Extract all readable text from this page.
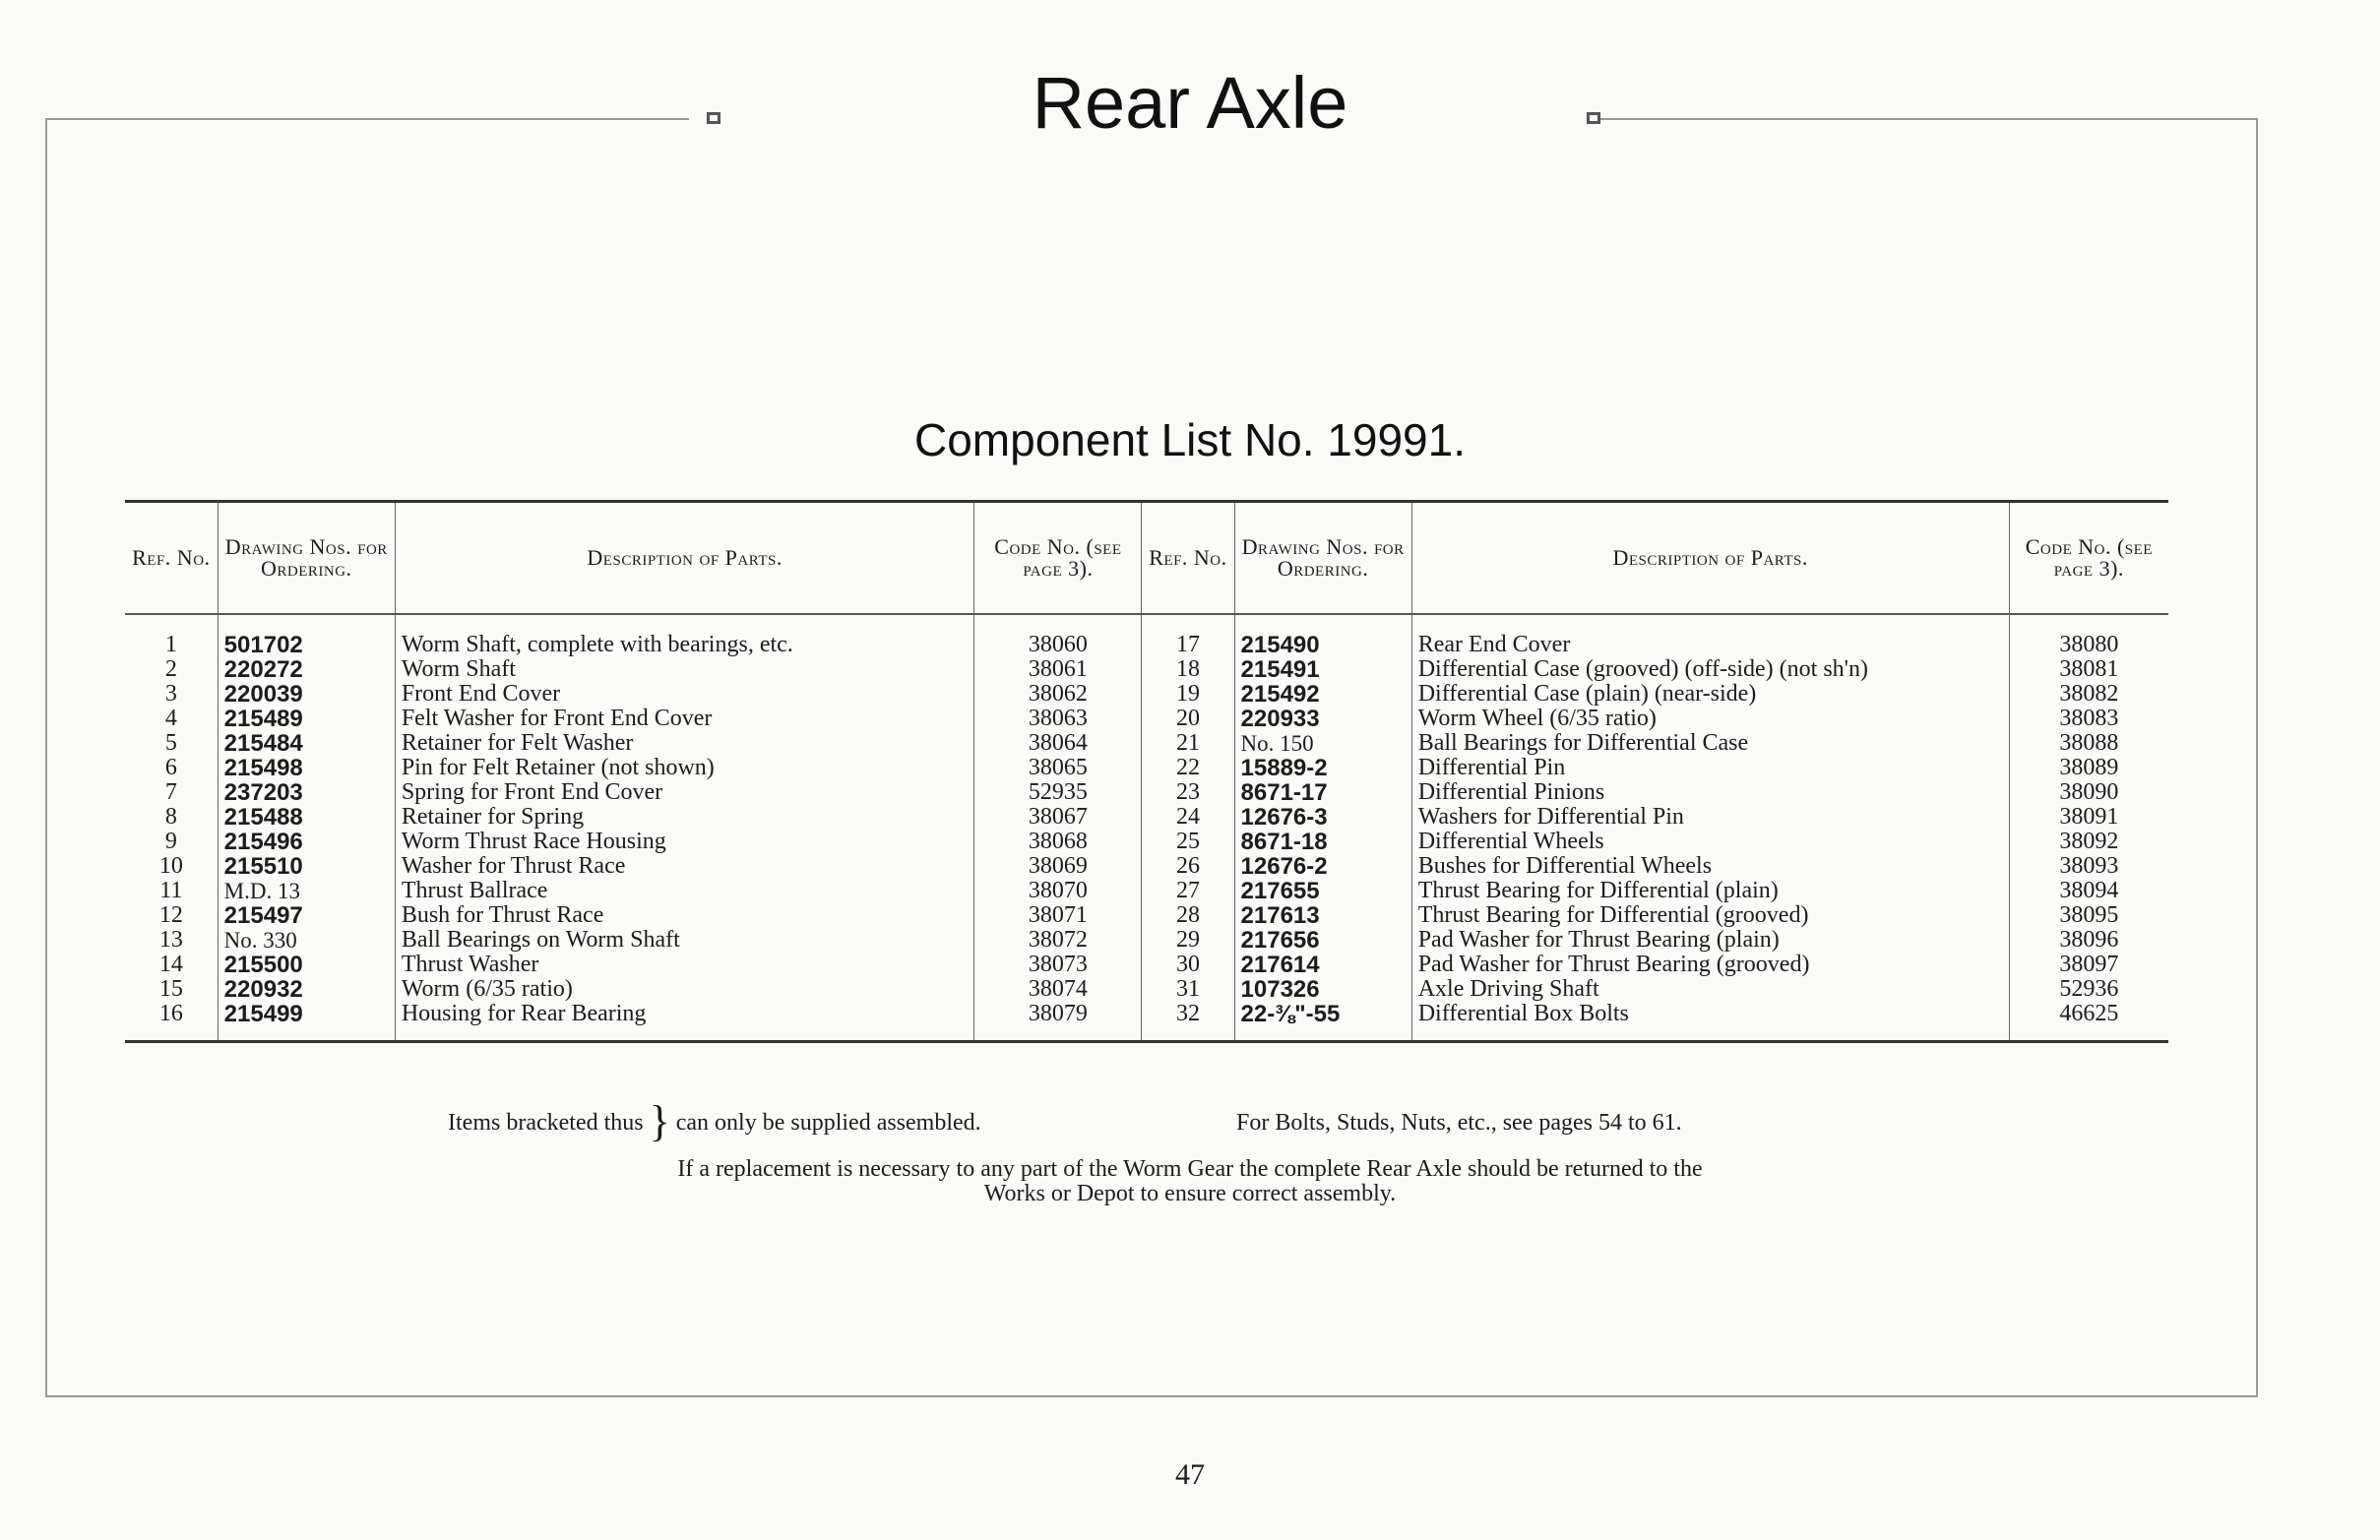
Rear Axle
Component List No. 19991.
Ref. No.	Drawing Nos. for Ordering.	Description of Parts.	Code No. (see page 3).	Ref. No.	Drawing Nos. for Ordering.	Description of Parts.	Code No. (see page 3).
1	501702	Worm Shaft, complete with bearings, etc.	38060	17	215490	Rear End Cover	38080
2	220272	Worm Shaft	38061	18	215491	Differential Case (grooved) (off-side) (not sh'n)	38081
3	220039	Front End Cover	38062	19	215492	Differential Case (plain) (near-side)	38082
4	215489	Felt Washer for Front End Cover	38063	20	220933	Worm Wheel (6/35 ratio)	38083
5	215484	Retainer for Felt Washer	38064	21	No. 150	Ball Bearings for Differential Case	38088
6	215498	Pin for Felt Retainer (not shown)	38065	22	15889-2	Differential Pin	38089
7	237203	Spring for Front End Cover	52935	23	8671-17	Differential Pinions	38090
8	215488	Retainer for Spring	38067	24	12676-3	Washers for Differential Pin	38091
9	215496	Worm Thrust Race Housing	38068	25	8671-18	Differential Wheels	38092
10	215510	Washer for Thrust Race	38069	26	12676-2	Bushes for Differential Wheels	38093
11	M.D. 13	Thrust Ballrace	38070	27	217655	Thrust Bearing for Differential (plain)	38094
12	215497	Bush for Thrust Race	38071	28	217613	Thrust Bearing for Differential (grooved)	38095
13	No. 330	Ball Bearings on Worm Shaft	38072	29	217656	Pad Washer for Thrust Bearing (plain)	38096
14	215500	Thrust Washer	38073	30	217614	Pad Washer for Thrust Bearing (grooved)	38097
15	220932	Worm (6/35 ratio)	38074	31	107326	Axle Driving Shaft	52936
16	215499	Housing for Rear Bearing	38079	32	22-⅜"-55	Differential Box Bolts	46625

Items bracketed thus } can only be supplied assembled.	For Bolts, Studs, Nuts, etc., see pages 54 to 61.

If a replacement is necessary to any part of the Worm Gear the complete Rear Axle should be returned to the

Works or Depot to ensure correct assembly.

47
